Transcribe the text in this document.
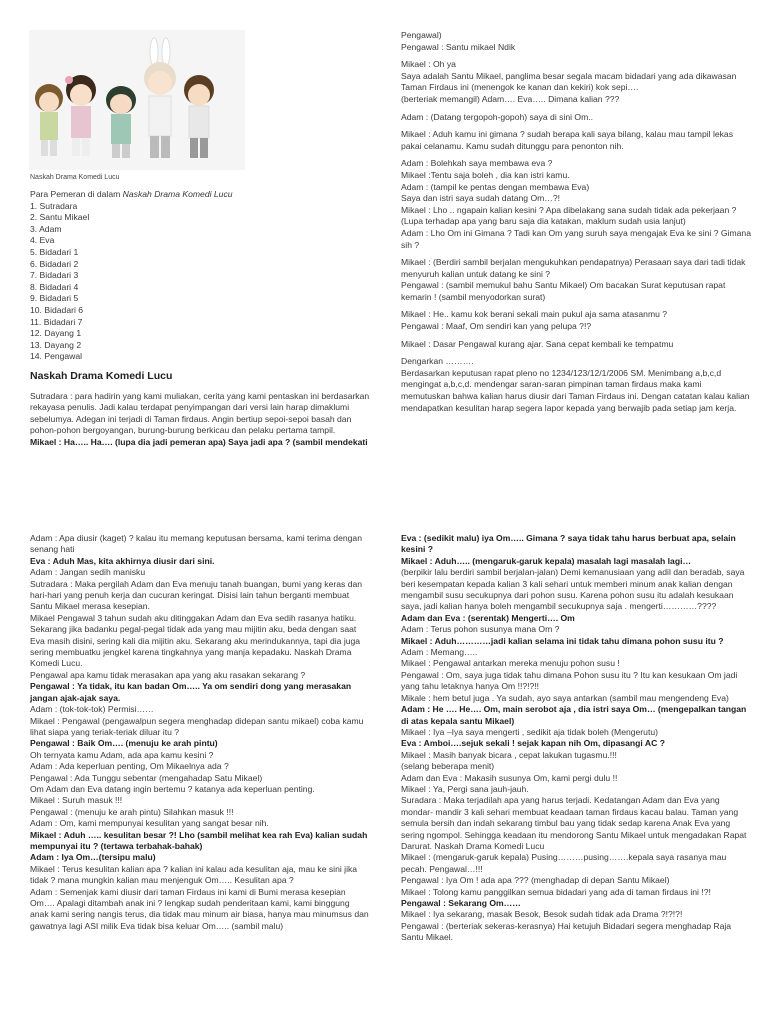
Naskah Drama Komedi Lucu

Para Pemeran di dalam Naskah Drama Komedi Lucu

1. Sutradara
2. Santu Mikael
3. Adam
4. Eva
5. Bidadari 1
6. Bidadari 2
7. Bidadari 3
8. Bidadari 4
9. Bidadari 5
10. Bidadari 6
11. Bidadari 7
12. Dayang 1
13. Dayang 2
14. Pengawal
Naskah Drama Komedi Lucu

Sutradara : para hadirin yang kami muliakan, cerita yang kami pentaskan ini berdasarkan rekayasa penulis. Jadi kalau terdapat penyimpangan dari versi lain harap dimaklumi sebelumya. Adegan ini terjadi di Taman firdaus. Angin bertiup sepoi-sepoi basah dan pohon-pohon bergoyangan, burung-burung berkicau dan pelaku pertama tampil.

Mikael : Ha….. Ha…. (lupa dia jadi pemeran apa) Saya jadi apa ? (sambil mendekati

Pengawal)
Pengawal : Santu mikael Ndik

Mikael : Oh ya
Saya adalah Santu Mikael, panglima besar segala macam bidadari yang ada dikawasan Taman Firdaus ini (menengok ke kanan dan kekiri) kok sepi….
(berteriak memangil) Adam…. Eva….. Dimana kalian ???

Adam : (Datang tergopoh-gopoh) saya di sini Om..

Mikael : Aduh kamu ini gimana ? sudah berapa kali saya bilang, kalau mau tampil lekas pakai celanamu. Kamu sudah ditunggu para penonton nih.

Adam : Bolehkah saya membawa eva ?
Mikael :Tentu saja boleh , dia kan istri kamu.
Adam : (tampil ke pentas dengan membawa Eva)
Saya dan istri saya sudah datang Om…?!
Mikael : Lho .. ngapain kalian kesini ? Apa dibelakang sana sudah tidak ada pekerjaan ?
(Lupa terhadap apa yang baru saja dia katakan, maklum sudah usia lanjut)
Adam : Lho Om ini Gimana ? Tadi kan Om yang suruh saya mengajak Eva ke sini ? Gimana sih ?

Mikael : (Berdiri sambil berjalan mengukuhkan pendapatnya) Perasaan saya dari tadi tidak menyuruh kalian untuk datang ke sini ?
Pengawal : (sambil memukul bahu Santu Mikael) Om bacakan Surat keputusan rapat kemarin ! (sambil menyodorkan surat)

Mikael : He.. kamu kok berani sekali main pukul aja sama atasanmu ?
Pengawal : Maaf, Om sendiri kan yang pelupa ?!?

Mikael : Dasar Pengawal kurang ajar. Sana cepat kembali ke tempatmu

Dengarkan ……….
Berdasarkan keputusan rapat pleno no 1234/123/12/1/2006 SM. Menimbang a,b,c,d mengingat a,b,c,d. mendengar saran-saran pimpinan taman firdaus maka kami memutuskan bahwa kalian harus diusir dari Taman Firdaus ini. Dengan catatan kalau kalian mendapatkan kesulitan harap segera lapor kepada yang berwajib pada setiap jam kerja.

Adam : Apa diusir (kaget) ? kalau itu memang keputusan bersama, kami terima dengan senang hati
Eva : Aduh Mas, kita akhirnya diusir dari sini.
Adam : Jangan sedih manisku
Sutradara : Maka pergilah Adam dan Eva menuju tanah buangan, bumi yang keras dan hari-hari yang penuh kerja dan cucuran keringat. Disisi lain tahun berganti membuat Santu Mikael merasa kesepian.
Mikael Pengawal 3 tahun sudah aku ditinggakan Adam dan Eva sedih rasanya hatiku. Sekarang jika badanku pegal-pegal tidak ada yang mau mijitin aku, beda dengan saat Eva masih disini, sering kali dia mijitin aku. Sekarang aku merindukannya, tapi dia juga sering membuatku jengkel karena tingkahnya yang manja kepadaku. Naskah Drama Komedi Lucu.
Pengawal apa kamu tidak merasakan apa yang aku rasakan sekarang ?
Pengawal : Ya tidak, itu kan badan Om….. Ya om sendiri dong yang merasakan jangan ajak-ajak saya.
Adam : (tok-tok-tok) Permisi……
Mikael : Pengawal (pengawalpun segera menghadap didepan santu mikael) coba kamu lihat siapa yang teriak-teriak diluar itu ?
Pengawal : Baik Om…. (menuju ke arah pintu)
Oh ternyata kamu Adam, ada apa kamu kesini ?
Adam : Ada keperluan penting, Om Mikaelnya ada ?
Pengawal : Ada Tunggu sebentar (mengahadap Satu Mikael)
Om Adam dan Eva datang ingin bertemu ? katanya ada keperluan penting.
Mikael : Suruh masuk !!!
Pengawal : (menuju ke arah pintu) Silahkan masuk !!!
Adam : Om, kami mempunyai kesulitan yang sangat besar nih.
Mikael : Aduh ….. kesulitan besar ?! Lho (sambil melihat kea rah Eva) kalian sudah mempunyai itu ? (tertawa terbahak-bahak)
Adam : Iya Om…(tersipu malu)
Mikael : Terus kesulitan kalian apa ? kalian ini kalau ada kesulitan aja, mau ke sini jika tidak ? mana mungkin kalian mau menjenguk Om….. Kesulitan apa ?
Adam : Semenjak kami diusir dari taman Firdaus ini kami di Bumi merasa kesepian Om…. Apalagi ditambah anak ini ? lengkap sudah penderitaan kami, kami binggung anak kami sering nangis terus, dia tidak mau minum air biasa, hanya mau minumsus dan gawatnya lagi ASI milik Eva tidak bisa keluar Om….. (sambil malu)
Eva : (sedikit malu) iya Om….. Gimana ? saya tidak tahu harus berbuat apa, selain kesini ?
Mikael : Aduh….. (mengaruk-garuk kepala) masalah lagi masalah lagi…
(berpikir lalu berdiri sambil berjalan-jalan) Demi kemanusiaan yang adil dan beradab, saya beri kesempatan kepada kalian 3 kali sehari untuk memberi minum anak kalian dengan mengambil susu secukupnya dari pohon susu. Karena pohon susu itu adalah kesukaan saya, jadi kalian hanya boleh mengambil secukupnya saja . mengerti…………????
Adam dan Eva : (serentak) Mengerti…. Om
Adam : Terus pohon susunya mana Om ?
Mikael : Aduh…………jadi kalian selama ini tidak tahu dimana pohon susu itu ?
Adam : Memang…..
Mikael : Pengawal antarkan mereka menuju pohon susu !
Pengawal : Om, saya juga tidak tahu dimana Pohon susu itu ? Itu kan kesukaan Om jadi yang tahu letaknya hanya Om !!?!?!!
Mikale : hem betul juga . Ya sudah, ayo saya antarkan (sambil mau mengendeng Eva)
Adam : He …. He…. Om, main serobot aja , dia istri saya Om… (mengepalkan tangan di atas kepala santu Mikael)
Mikael : Iya –Iya saya mengerti , sedikit aja tidak boleh (Mengerutu)
Eva : Amboi….sejuk sekali ! sejak kapan nih Om, dipasangi AC ?
Mikael : Masih banyak bicara , cepat lakukan tugasmu.!!!
(selang beberapa menit)
Adam dan Eva : Makasih susunya Om, kami pergi dulu !!
Mikael : Ya, Pergi sana jauh-jauh.
Suradara : Maka terjadilah apa yang harus terjadi. Kedatangan Adam dan Eva yang mondar- mandir 3 kali sehari membuat keadaan taman firdaus kacau balau. Taman yang semula bersih dan indah sekarang timbul bau yang tidak sedap karena Anak Eva yang sering ngompol. Sehingga keadaan itu mendorong Santu Mikael untuk mengadakan Rapat Darurat. Naskah Drama Komedi Lucu
Mikael : (mengaruk-garuk kepala) Pusing………pusing…….kepala saya rasanya mau pecah. Pengawal…!!!
Pengawal : Iya Om ! ada apa ??? (menghadap di depan Santu Mikael)
Mikael : Tolong kamu panggilkan semua bidadari yang ada di taman firdaus ini !?!
Pengawal : Sekarang Om……
Mikael : Iya sekarang, masak Besok, Besok sudah tidak ada Drama ?!?!?!
Pengawal : (berteriak sekeras-kerasnya) Hai ketujuh Bidadari segera menghadap Raja Santu Mikael.
